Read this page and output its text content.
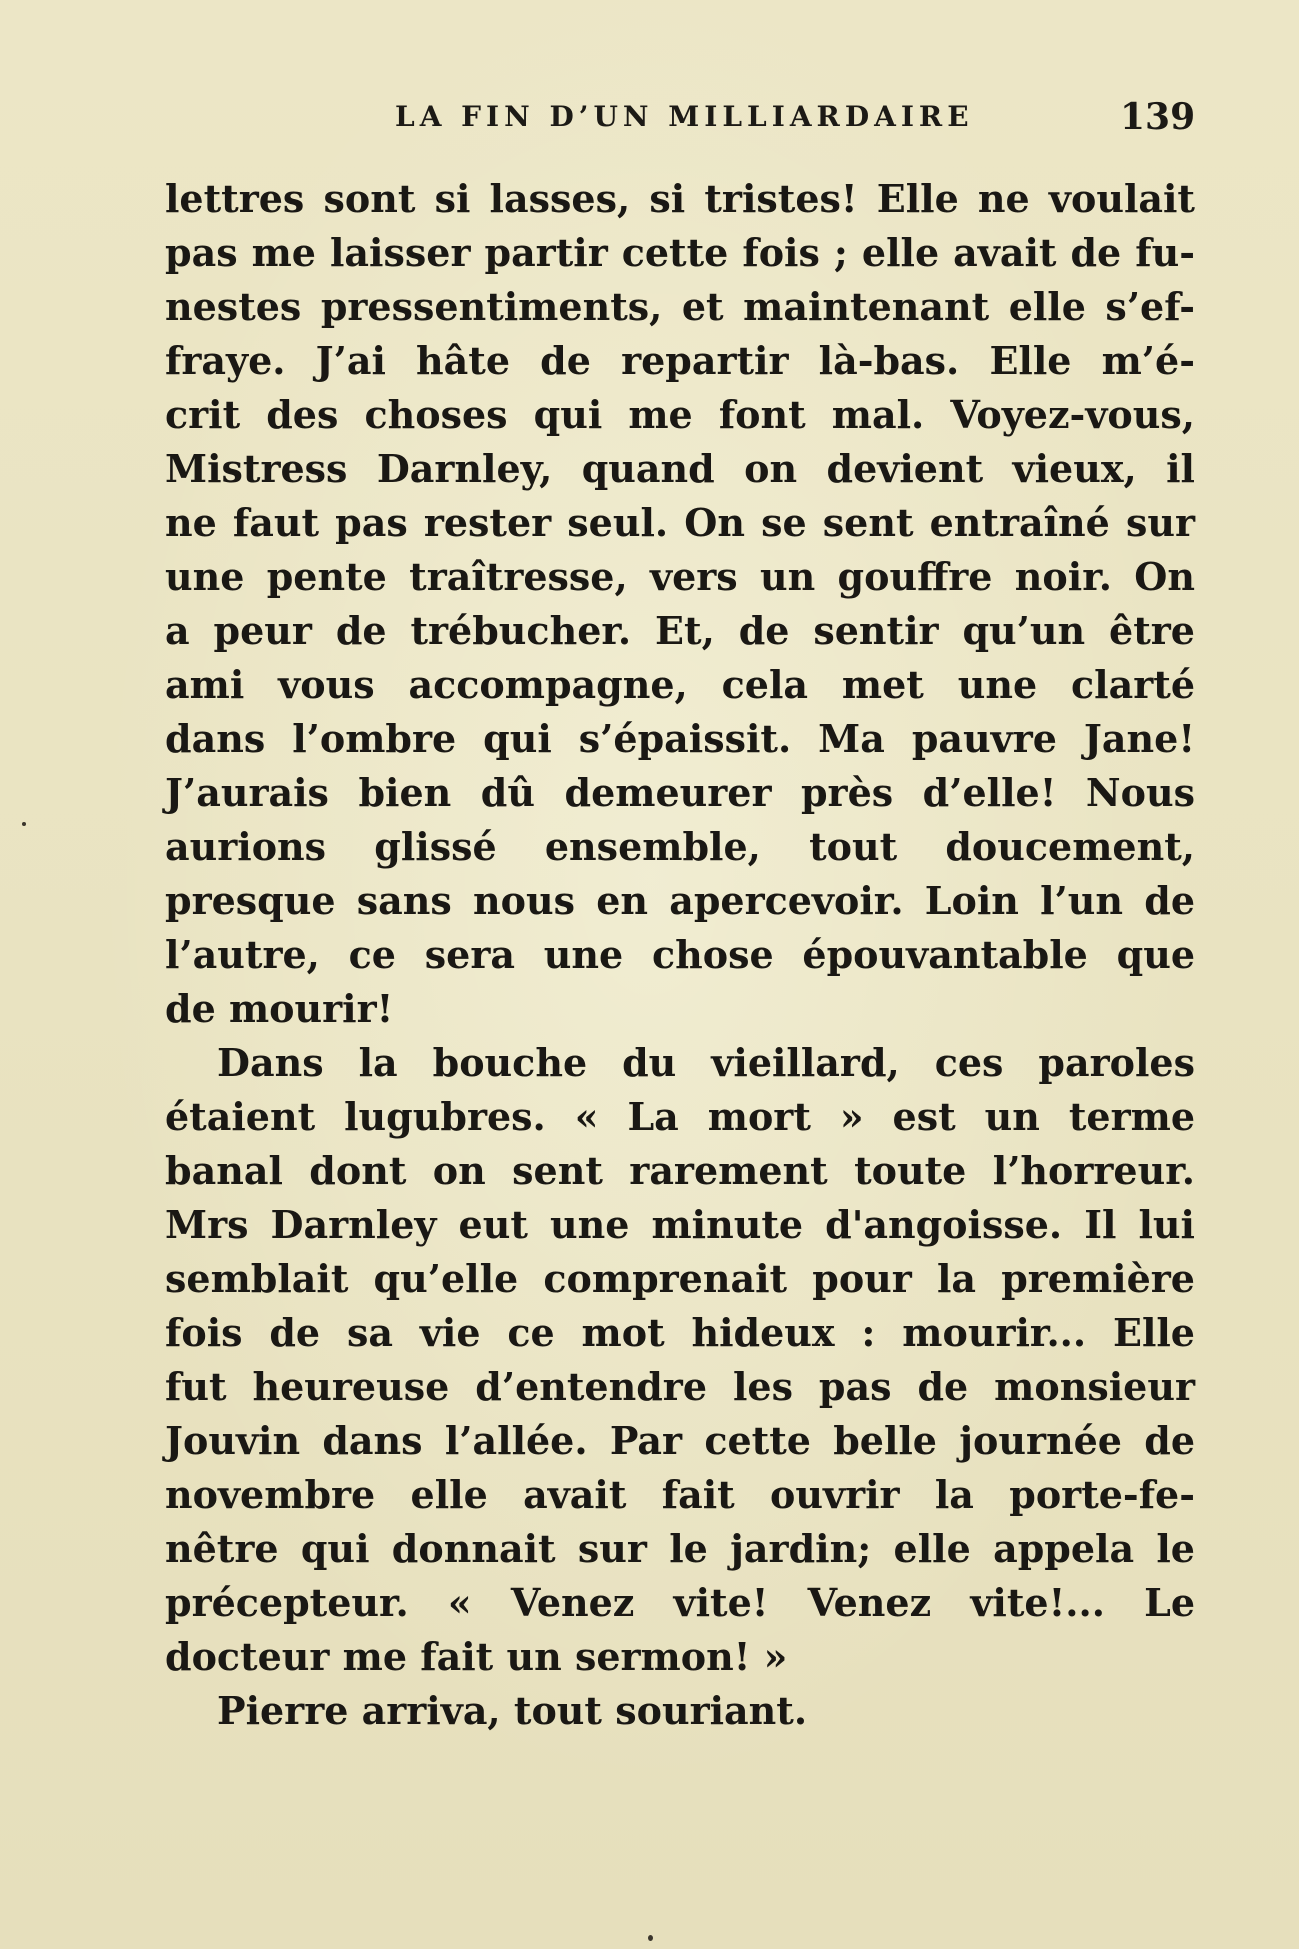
LA FIN D’UN MILLIARDAIRE	139
lettres sont si lasses, si tristes! Elle ne voulait
pas me laisser partir cette fois ; elle avait de fu-
nestes pressentiments, et maintenant elle s’ef-
fraye. J’ai hâte de repartir là-bas. Elle m’é-
crit des choses qui me font mal. Voyez-vous,
Mistress Darnley, quand on devient vieux, il
ne faut pas rester seul. On se sent entraîné sur
une pente traîtresse, vers un gouffre noir. On
a peur de trébucher. Et, de sentir qu’un être
ami vous accompagne, cela met une clarté
dans l’ombre qui s’épaissit. Ma pauvre Jane!
J’aurais bien dû demeurer près d’elle! Nous
aurions glissé ensemble, tout doucement,
presque sans nous en apercevoir. Loin l’un de
l’autre, ce sera une chose épouvantable que
de mourir!
Dans la bouche du vieillard, ces paroles
étaient lugubres. « La mort » est un terme
banal dont on sent rarement toute l’horreur.
Mrs Darnley eut une minute d'angoisse. Il lui
semblait qu’elle comprenait pour la première
fois de sa vie ce mot hideux : mourir... Elle
fut heureuse d’entendre les pas de monsieur
Jouvin dans l’allée. Par cette belle journée de
novembre elle avait fait ouvrir la porte-fe-
nêtre qui donnait sur le jardin; elle appela le
précepteur. « Venez vite! Venez vite!... Le
docteur me fait un sermon! »
Pierre arriva, tout souriant.
